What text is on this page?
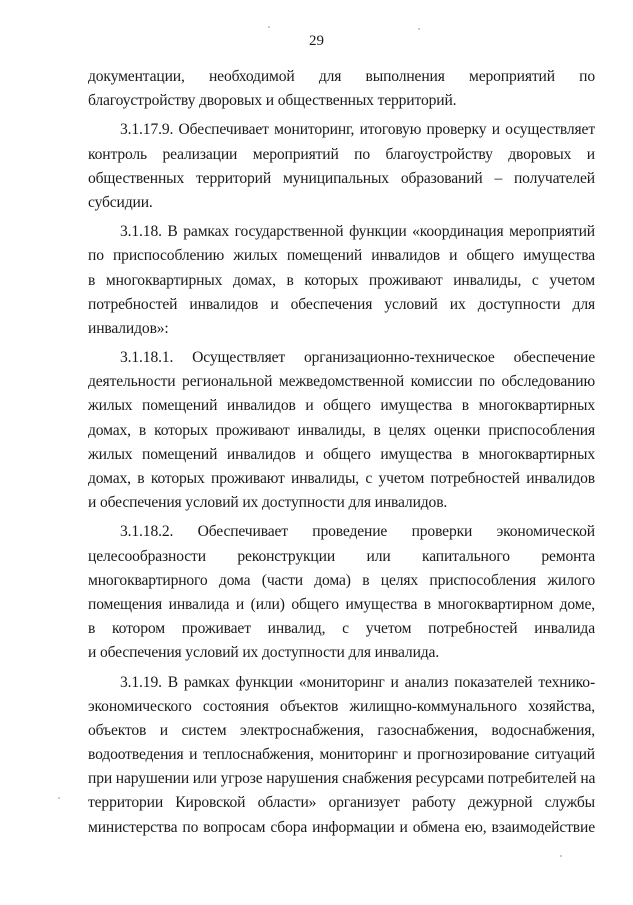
29
документации, необходимой для выполнения мероприятий по
благоустройству дворовых и общественных территорий.
3.1.17.9. Обеспечивает мониторинг, итоговую проверку и осуществляет
контроль реализации мероприятий по благоустройству дворовых и
общественных территорий муниципальных образований – получателей
субсидии.
3.1.18. В рамках государственной функции «координация мероприятий
по приспособлению жилых помещений инвалидов и общего имущества
в многоквартирных домах, в которых проживают инвалиды, с учетом
потребностей инвалидов и обеспечения условий их доступности для
инвалидов»:
3.1.18.1. Осуществляет организационно-техническое обеспечение
деятельности региональной межведомственной комиссии по обследованию
жилых помещений инвалидов и общего имущества в многоквартирных
домах, в которых проживают инвалиды, в целях оценки приспособления
жилых помещений инвалидов и общего имущества в многоквартирных
домах, в которых проживают инвалиды, с учетом потребностей инвалидов
и обеспечения условий их доступности для инвалидов.
3.1.18.2. Обеспечивает проведение проверки экономической
целесообразности реконструкции или капитального ремонта
многоквартирного дома (части дома) в целях приспособления жилого
помещения инвалида и (или) общего имущества в многоквартирном доме,
в котором проживает инвалид, с учетом потребностей инвалида
и обеспечения условий их доступности для инвалида.
3.1.19. В рамках функции «мониторинг и анализ показателей технико-
экономического состояния объектов жилищно-коммунального хозяйства,
объектов и систем электроснабжения, газоснабжения, водоснабжения,
водоотведения и теплоснабжения, мониторинг и прогнозирование ситуаций
при нарушении или угрозе нарушения снабжения ресурсами потребителей на
территории Кировской области» организует работу дежурной службы
министерства по вопросам сбора информации и обмена ею, взаимодействие
